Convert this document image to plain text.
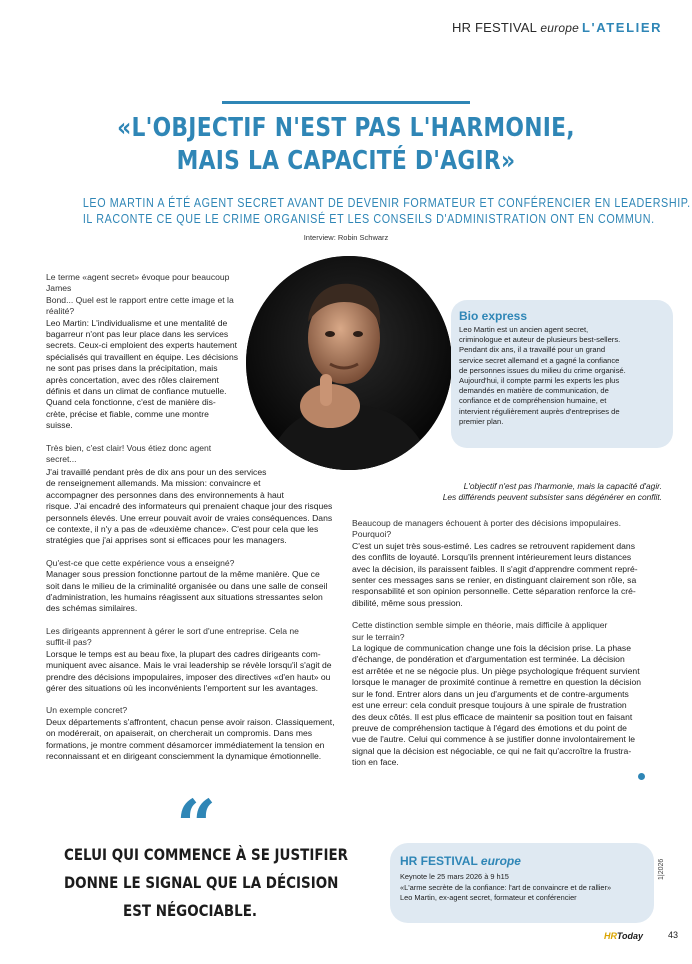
HR FESTIVAL europe L'ATELIER
«L'OBJECTIF N'EST PAS L'HARMONIE,
MAIS LA CAPACITÉ D'AGIR»
LEO MARTIN A ÉTÉ AGENT SECRET AVANT DE DEVENIR FORMATEUR ET CONFÉRENCIER EN LEADERSHIP.
IL RACONTE CE QUE LE CRIME ORGANISÉ ET LES CONSEILS D'ADMINISTRATION ONT EN COMMUN.
Interview: Robin Schwarz

Le terme «agent secret» évoque pour beaucoup James

Bond... Quel est le rapport entre cette image et la

réalité?

Leo Martin: L'individualisme et une mentalité de

bagarreur n'ont pas leur place dans les services

secrets. Ceux-ci emploient des experts hautement

spécialisés qui travaillent en équipe. Les décisions

ne sont pas prises dans la précipitation, mais

après concertation, avec des rôles clairement

définis et dans un climat de confiance mutuelle.

Quand cela fonctionne, c'est de manière dis-

crète, précise et fiable, comme une montre

suisse.

Très bien, c'est clair! Vous étiez donc agent

secret...

J'ai travaillé pendant près de dix ans pour un des services

de renseignement allemands. Ma mission: convaincre et

accompagner des personnes dans des environnements à haut

risque. J'ai encadré des informateurs qui prenaient chaque jour des risques

personnels élevés. Une erreur pouvait avoir de vraies conséquences. Dans

ce contexte, il n'y a pas de «deuxième chance». C'est pour cela que les

stratégies que j'ai apprises sont si efficaces pour les managers.

Qu'est-ce que cette expérience vous a enseigné?

Manager sous pression fonctionne partout de la même manière. Que ce

soit dans le milieu de la criminalité organisée ou dans une salle de conseil

d'administration, les humains réagissent aux situations stressantes selon

des schémas similaires.

Les dirigeants apprennent à gérer le sort d'une entreprise. Cela ne

suffit-il pas?

Lorsque le temps est au beau fixe, la plupart des cadres dirigeants com-

muniquent avec aisance. Mais le vrai leadership se révèle lorsqu'il s'agit de

prendre des décisions impopulaires, imposer des directives «d'en haut» ou

gérer des situations où les inconvénients l'emportent sur les avantages.

Un exemple concret?

Deux départements s'affrontent, chacun pense avoir raison. Classiquement,

on modérerait, on apaiserait, on chercherait un compromis. Dans mes

formations, je montre comment désamorcer immédiatement la tension en

reconnaissant et en dirigeant consciemment la dynamique émotionnelle.

Bio express
Leo Martin est un ancien agent secret,
criminologue et auteur de plusieurs best-sellers.
Pendant dix ans, il a travaillé pour un grand
service secret allemand et a gagné la confiance
de personnes issues du milieu du crime organisé.
Aujourd'hui, il compte parmi les experts les plus
demandés en matière de communication, de
confiance et de compréhension humaine, et
intervient régulièrement auprès d'entreprises de
premier plan.
L'objectif n'est pas l'harmonie, mais la capacité d'agir.
Les différends peuvent subsister sans dégénérer en conflit.

Beaucoup de managers échouent à porter des décisions impopulaires.

Pourquoi?

C'est un sujet très sous-estimé. Les cadres se retrouvent rapidement dans

des conflits de loyauté. Lorsqu'ils prennent intérieurement leurs distances

avec la décision, ils paraissent faibles. Il s'agit d'apprendre comment repré-

senter ces messages sans se renier, en distinguant clairement son rôle, sa

responsabilité et son opinion personnelle. Cette séparation renforce la cré-

dibilité, même sous pression.

Cette distinction semble simple en théorie, mais difficile à appliquer

sur le terrain?

La logique de communication change une fois la décision prise. La phase

d'échange, de pondération et d'argumentation est terminée. La décision

est arrêtée et ne se négocie plus. Un piège psychologique fréquent survient

lorsque le manager de proximité continue à remettre en question la décision

sur le fond. Entrer alors dans un jeu d'arguments et de contre-arguments

est une erreur: cela conduit presque toujours à une spirale de frustration

des deux côtés. Il est plus efficace de maintenir sa position tout en faisant

preuve de compréhension tactique à l'égard des émotions et du point de

vue de l'autre. Celui qui commence à se justifier donne involontairement le

signal que la décision est négociable, ce qui ne fait qu'accroître la frustra-

tion en face.

“
CELUI QUI COMMENCE À SE JUSTIFIER
DONNE LE SIGNAL QUE LA DÉCISION
EST NÉGOCIABLE.
HR FESTIVAL europe
Keynote le 25 mars 2026 à 9 h15
«L'arme secrète de la confiance: l'art de convaincre et de rallier»
Leo Martin, ex-agent secret, formateur et conférencier
1|2026
HRToday	43
